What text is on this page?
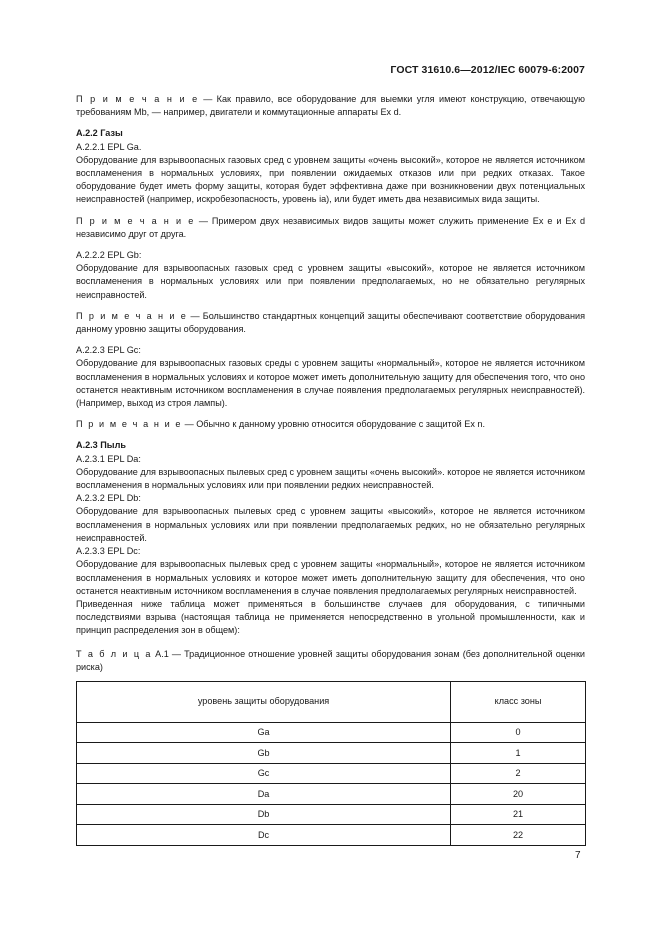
ГОСТ 31610.6—2012/IEC 60079-6:2007

П р и м е ч а н и е — Как правило, все оборудование для выемки угля имеют конструкцию, отвечающую требованиям Mb, — например, двигатели и коммутационные аппараты Ex d.

А.2.2 Газы

А.2.2.1 EPL Ga.

Оборудование для взрывоопасных газовых сред с уровнем защиты «очень высокий», которое не является источником воспламенения в нормальных условиях, при появлении ожидаемых отказов или при редких отказах. Такое оборудование будет иметь форму защиты, которая будет эффективна даже при возникновении двух потенциальных неисправностей (например, искробезопасность, уровень ia), или будет иметь два независимых вида защиты.

П р и м е ч а н и е — Примером двух независимых видов защиты может служить применение Ex e и Ex d независимо друг от друга.

А.2.2.2 EPL Gb:

Оборудование для взрывоопасных газовых сред с уровнем защиты «высокий», которое не является источником воспламенения в нормальных условиях или при появлении предполагаемых, но не обязательно регулярных неисправностей.

П р и м е ч а н и е — Большинство стандартных концепций защиты обеспечивают соответствие оборудования данному уровню защиты оборудования.

А.2.2.3 EPL Gc:

Оборудование для взрывоопасных газовых среды с уровнем защиты «нормальный», которое не является источником воспламенения в нормальных условиях и которое может иметь дополнительную защиту для обеспечения того, что оно останется неактивным источником воспламенения в случае появления предполагаемых регулярных неисправностей). (Например, выход из строя лампы).

П р и м е ч а н и е — Обычно к данному уровню относится оборудование с защитой Ex n.

А.2.3 Пыль

А.2.3.1 EPL Da:

Оборудование для взрывоопасных пылевых сред с уровнем защиты «очень высокий». которое не является источником воспламенения в нормальных условиях или при появлении редких неисправностей.

А.2.3.2 EPL Db:

Оборудование для взрывоопасных пылевых сред с уровнем защиты «высокий», которое не является источником воспламенения в нормальных условиях или при появлении предполагаемых редких, но не обязательно регулярных неисправностей.

А.2.3.3 EPL Dc:

Оборудование для взрывоопасных пылевых сред с уровнем защиты «нормальный», которое не является источником воспламенения в нормальных условиях и которое может иметь дополнительную защиту для обеспечения, что оно останется неактивным источником воспламенения в случае появления предполагаемых регулярных неисправностей.

Приведенная ниже таблица может применяться в большинстве случаев для оборудования, с типичными последствиями взрыва (настоящая таблица не применяется непосредственно в угольной промышленности, как и принцип распределения зон в общем):

Т а б л и ц а А.1 — Традиционное отношение уровней защиты оборудования зонам (без дополнительной оценки риска)

уровень защиты оборудования	класс зоны
Ga	0
Gb	1
Gc	2
Da	20
Db	21
Dc	22
7
